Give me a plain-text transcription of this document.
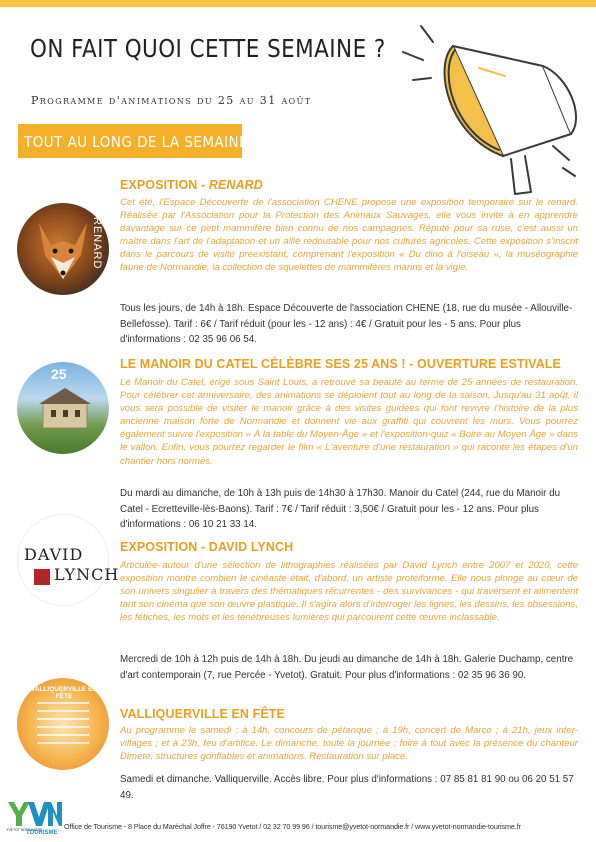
ON FAIT QUOI CETTE SEMAINE ?
Programme d'animations du 25 au 31 août
TOUT AU LONG DE LA SEMAINE
RENARD
EXPOSITION - RENARD

Cet été, l'Espace Découverte de l'association CHENE propose une exposition temporaire sur le renard. Réalisée par l'Association pour la Protection des Animaux Sauvages, elle vous invite à en apprendre davantage sur ce petit mammifère bien connu de nos campagnes. Réputé pour sa ruse, c'est aussi un maître dans l'art de l'adaptation et un allié redoutable pour nos cultures agricoles. Cette exposition s'inscrit dans le parcours de visite préexistant, comprenant l'exposition « Du dino à l'oiseau », la muséographie faune de Normandie, la collection de squelettes de mammifères marins et la vigie.

Tous les jours, de 14h à 18h. Espace Découverte de l'association CHENE (18, rue du musée - Allouville-Bellefosse). Tarif : 6€ / Tarif réduit (pour les - 12 ans) : 4€ / Gratuit pour les - 5 ans. Pour plus d'informations : 02 35 96 06 54.

25
LE MANOIR DU CATEL CÉLÈBRE SES 25 ANS ! - OUVERTURE ESTIVALE

Le Manoir du Catel, érigé sous Saint Louis, a retrouvé sa beauté au terme de 25 années de restauration. Pour célébrer cet anniversaire, des animations se déploient tout au long de la saison. Jusqu'au 31 août, il vous sera possible de visiter le manoir grâce à des visites guidées qui font revivre l'histoire de la plus ancienne maison forte de Normandie et donnent vie aux graffiti qui couvrent les murs. Vous pourrez également suivre l'exposition « À la table du Moyen-Âge » et l'exposition-quiz « Boire au Moyen Âge » dans le vallon. Enfin, vous pourrez regarder le film « L'aventure d'une restauration » qui raconte les étapes d'un chantier hors normes.

Du mardi au dimanche, de 10h à 13h puis de 14h30 à 17h30. Manoir du Catel (244, rue du Manoir du Catel - Ecretteville-lès-Baons). Tarif : 7€ / Tarif réduit : 3,50€ / Gratuit pour les - 12 ans. Pour plus d'informations : 06 10 21 33 14.

DAVID
LYNCH
EXPOSITION - DAVID LYNCH

Articulée autour d'une sélection de lithographies réalisées par David Lynch entre 2007 et 2020, cette exposition montre combien le cinéaste était, d'abord, un artiste protéiforme. Elle nous plonge au cœur de son univers singulier à travers des thématiques récurrentes - des survivances - qui traversent et alimentent tant son cinéma que son œuvre plastique. Il s'agira alors d'interroger les lignes, les dessins, les obsessions, les fétiches, les mots et les ténébreuses lumières qui parcourent cette œuvre inclassable.

Mercredi de 10h à 12h puis de 14h à 18h. Du jeudi au dimanche de 14h à 18h. Galerie Duchamp, centre d'art contemporain (7, rue Percée - Yvetot). Gratuit. Pour plus d'informations : 02 35 96 36 90.

VALLIQUERVILLE EN FÊTE
VALLIQUERVILLE EN FÊTE

Au programme le samedi : à 14h, concours de pétanque ; à 19h, concert de Marco ; à 21h, jeux inter-villages ; et à 23h, feu d'artifice. Le dimanche, toute la journée : foire à tout avec la présence du chanteur Dimete, structures gonflables et animations. Restauration sur place.

Samedi et dimanche. Valliquerville. Accès libre. Pour plus d'informations : 07 85 81 81 90 ou 06 20 51 57 49.

YVETOT NORMANDIE
TOURISME
Office de Tourisme - 8 Place du Maréchal Joffre - 76190 Yvetot / 02 32 70 99 96 / tourisme@yvetot-normandie.fr / www.yvetot-normandie-tourisme.fr
